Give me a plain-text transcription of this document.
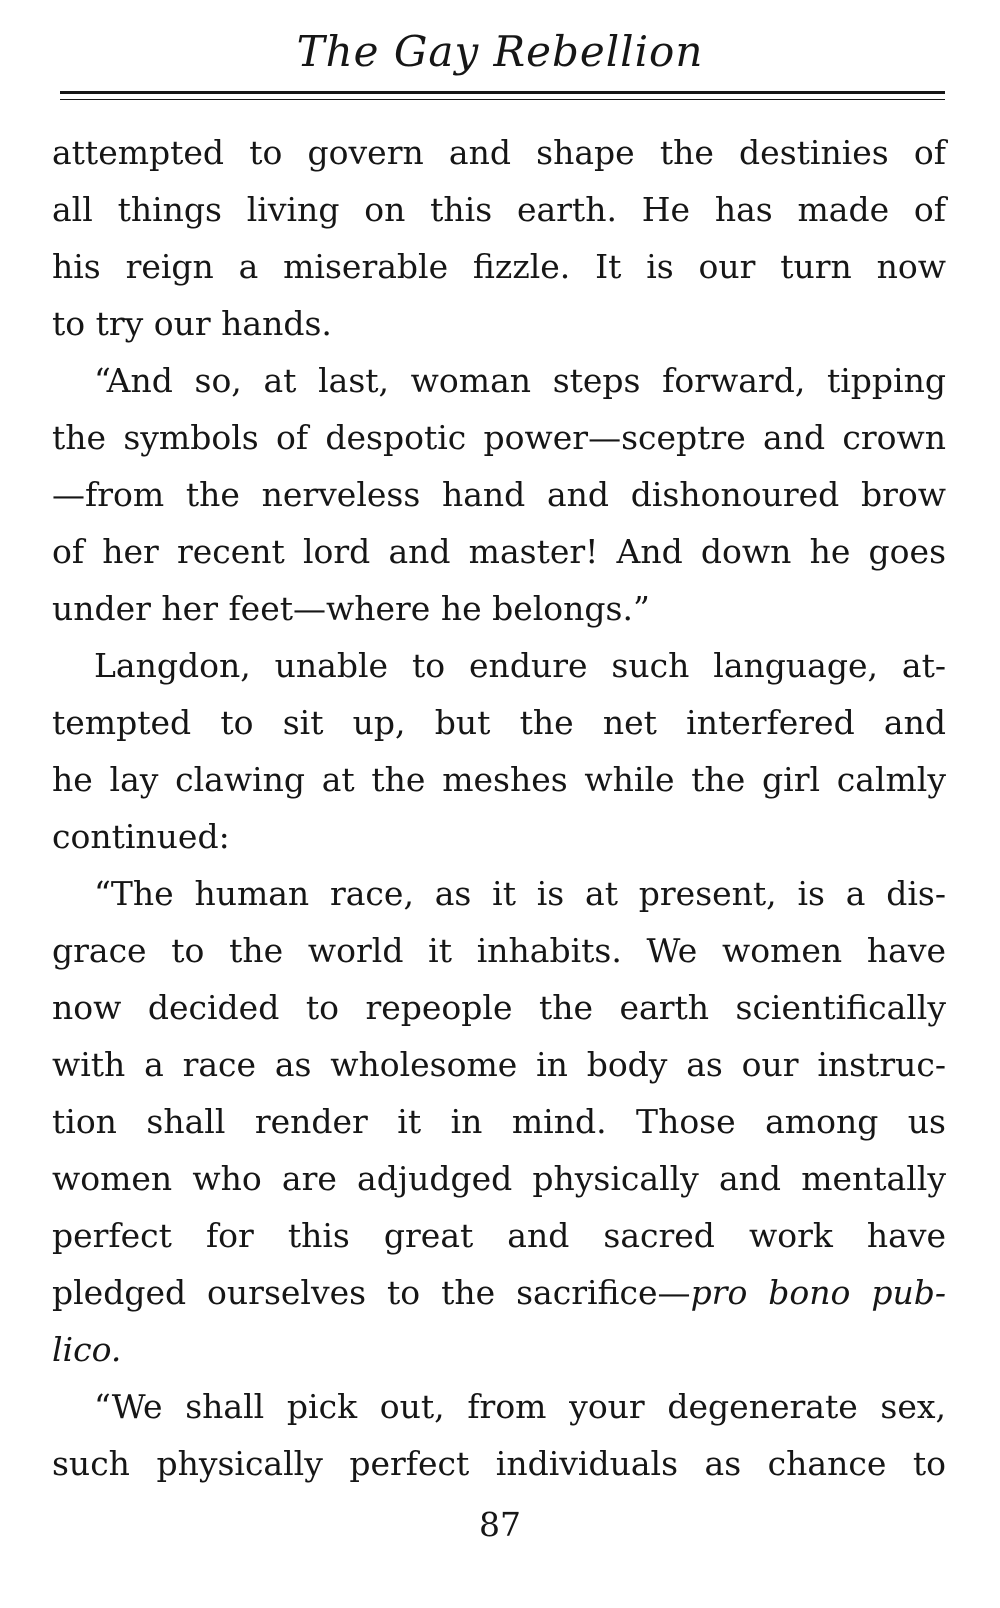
The Gay Rebellion
attempted to govern and shape the destinies of
all things living on this earth. He has made of
his reign a miserable fizzle. It is our turn now
to try our hands.
“And so, at last, woman steps forward, tipping
the symbols of despotic power—sceptre and crown
—from the nerveless hand and dishonoured brow
of her recent lord and master! And down he goes
under her feet—where he belongs.”
Langdon, unable to endure such language, at-
tempted to sit up, but the net interfered and
he lay clawing at the meshes while the girl calmly
continued:
“The human race, as it is at present, is a dis-
grace to the world it inhabits. We women have
now decided to repeople the earth scientifically
with a race as wholesome in body as our instruc-
tion shall render it in mind. Those among us
women who are adjudged physically and mentally
perfect for this great and sacred work have
pledged ourselves to the sacrifice—pro bono pub-
lico.
“We shall pick out, from your degenerate sex,
such physically perfect individuals as chance to
87
